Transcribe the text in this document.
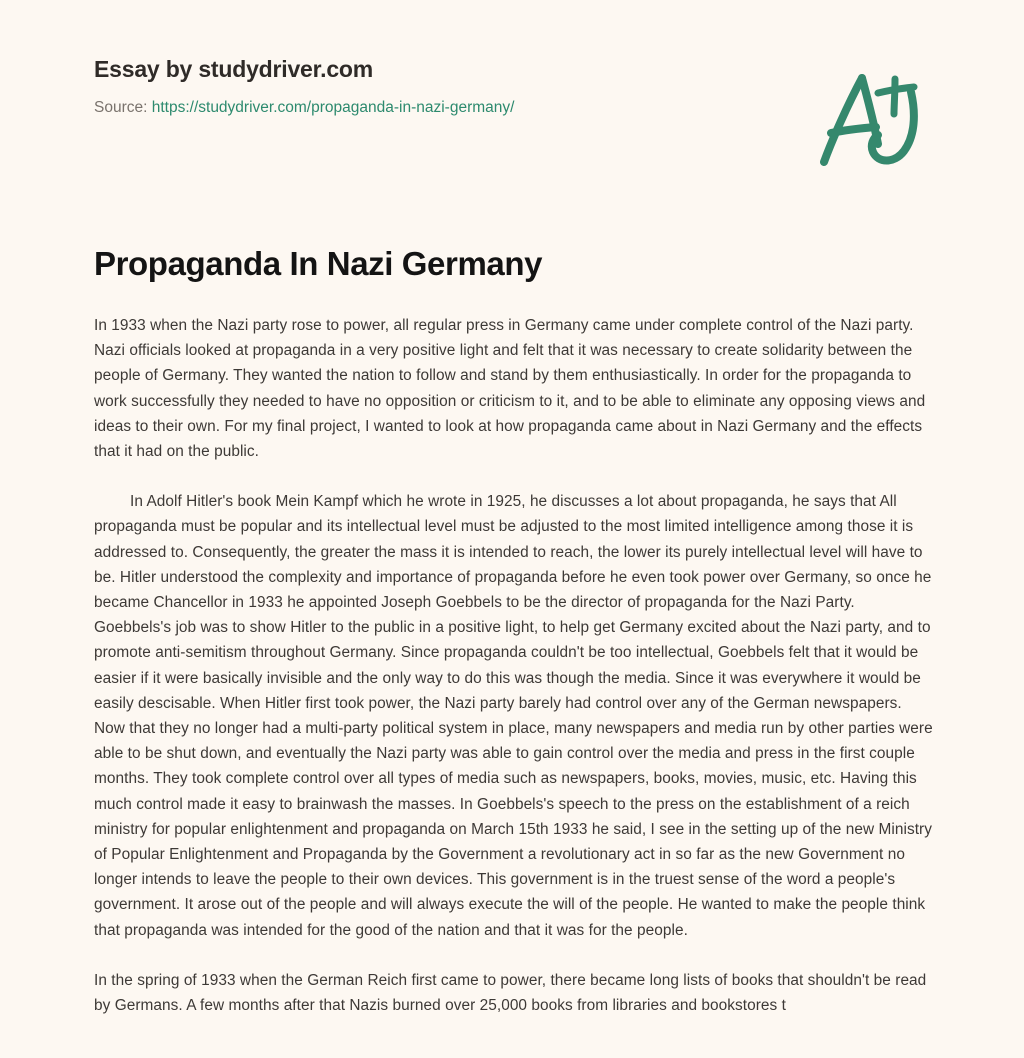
Essay by studydriver.com
Source: https://studydriver.com/propaganda-in-nazi-germany/
Propaganda In Nazi Germany

In 1933 when the Nazi party rose to power, all regular press in Germany came under complete control of the Nazi party. Nazi officials looked at propaganda in a very positive light and felt that it was necessary to create solidarity between the people of Germany. They wanted the nation to follow and stand by them enthusiastically. In order for the propaganda to work successfully they needed to have no opposition or criticism to it, and to be able to eliminate any opposing views and ideas to their own. For my final project, I wanted to look at how propaganda came about in Nazi Germany and the effects that it had on the public.

In Adolf Hitler's book Mein Kampf which he wrote in 1925, he discusses a lot about propaganda, he says that All propaganda must be popular and its intellectual level must be adjusted to the most limited intelligence among those it is addressed to. Consequently, the greater the mass it is intended to reach, the lower its purely intellectual level will have to be. Hitler understood the complexity and importance of propaganda before he even took power over Germany, so once he became Chancellor in 1933 he appointed Joseph Goebbels to be the director of propaganda for the Nazi Party. Goebbels's job was to show Hitler to the public in a positive light, to help get Germany excited about the Nazi party, and to promote anti-semitism throughout Germany. Since propaganda couldn't be too intellectual, Goebbels felt that it would be easier if it were basically invisible and the only way to do this was though the media. Since it was everywhere it would be easily descisable. When Hitler first took power, the Nazi party barely had control over any of the German newspapers. Now that they no longer had a multi-party political system in place, many newspapers and media run by other parties were able to be shut down, and eventually the Nazi party was able to gain control over the media and press in the first couple months. They took complete control over all types of media such as newspapers, books, movies, music, etc. Having this much control made it easy to brainwash the masses. In Goebbels's speech to the press on the establishment of a reich ministry for popular enlightenment and propaganda on March 15th 1933 he said, I see in the setting up of the new Ministry of Popular Enlightenment and Propaganda by the Government a revolutionary act in so far as the new Government no longer intends to leave the people to their own devices. This government is in the truest sense of the word a people's government. It arose out of the people and will always execute the will of the people. He wanted to make the people think that propaganda was intended for the good of the nation and that it was for the people.

In the spring of 1933 when the German Reich first came to power, there became long lists of books that shouldn't be read by Germans. A few months after that Nazis burned over 25,000 books from libraries and bookstores t
